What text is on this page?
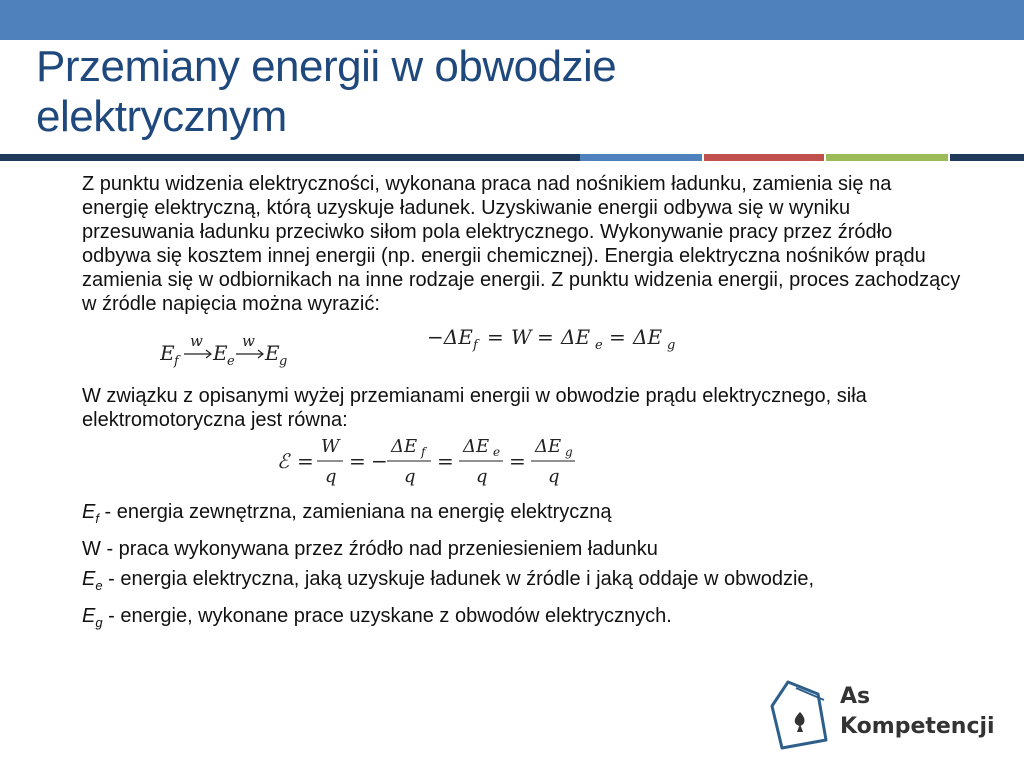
Przemiany energii w obwodzie
elektrycznym

Z punktu widzenia elektryczności, wykonana praca nad nośnikiem ładunku, zamienia się na energię elektryczną, którą uzyskuje ładunek. Uzyskiwanie energii odbywa się w wyniku przesuwania ładunku przeciwko siłom pola elektrycznego. Wykonywanie pracy przez źródło odbywa się kosztem innej energii (np. energii chemicznej). Energia elektryczna nośników prądu zamienia się w odbiornikach na inne rodzaje energii. Z punktu widzenia energii, proces zachodzący w źródle napięcia można wyrazić:

E f
w E e
w E g
−ΔE f = W = ΔE e = ΔE g

W związku z opisanymi wyżej przemianami energii w obwodzie prądu elektrycznego, siła elektromotoryczna jest równa:

ℰ =
W
q
= −
ΔE f
q
=
ΔE e
q
=
ΔE g
q

$E_f$ - energia zewnętrzna, zamieniana na energię elektryczną

W - praca wykonywana przez źródło nad przeniesieniem ładunku

$E_e$ - energia elektryczna, jaką uzyskuje ładunek w źródle i jaką oddaje w obwodzie,

$E_g$ - energie, wykonane prace uzyskane z obwodów elektrycznych.

As
Kompetencji
